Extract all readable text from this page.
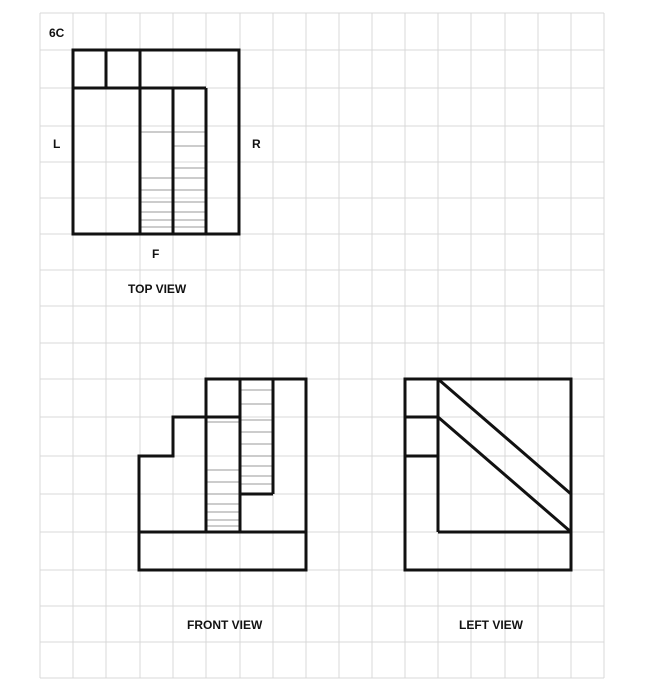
6C
L	R
F
TOP VIEW
FRONT VIEW	LEFT VIEW
